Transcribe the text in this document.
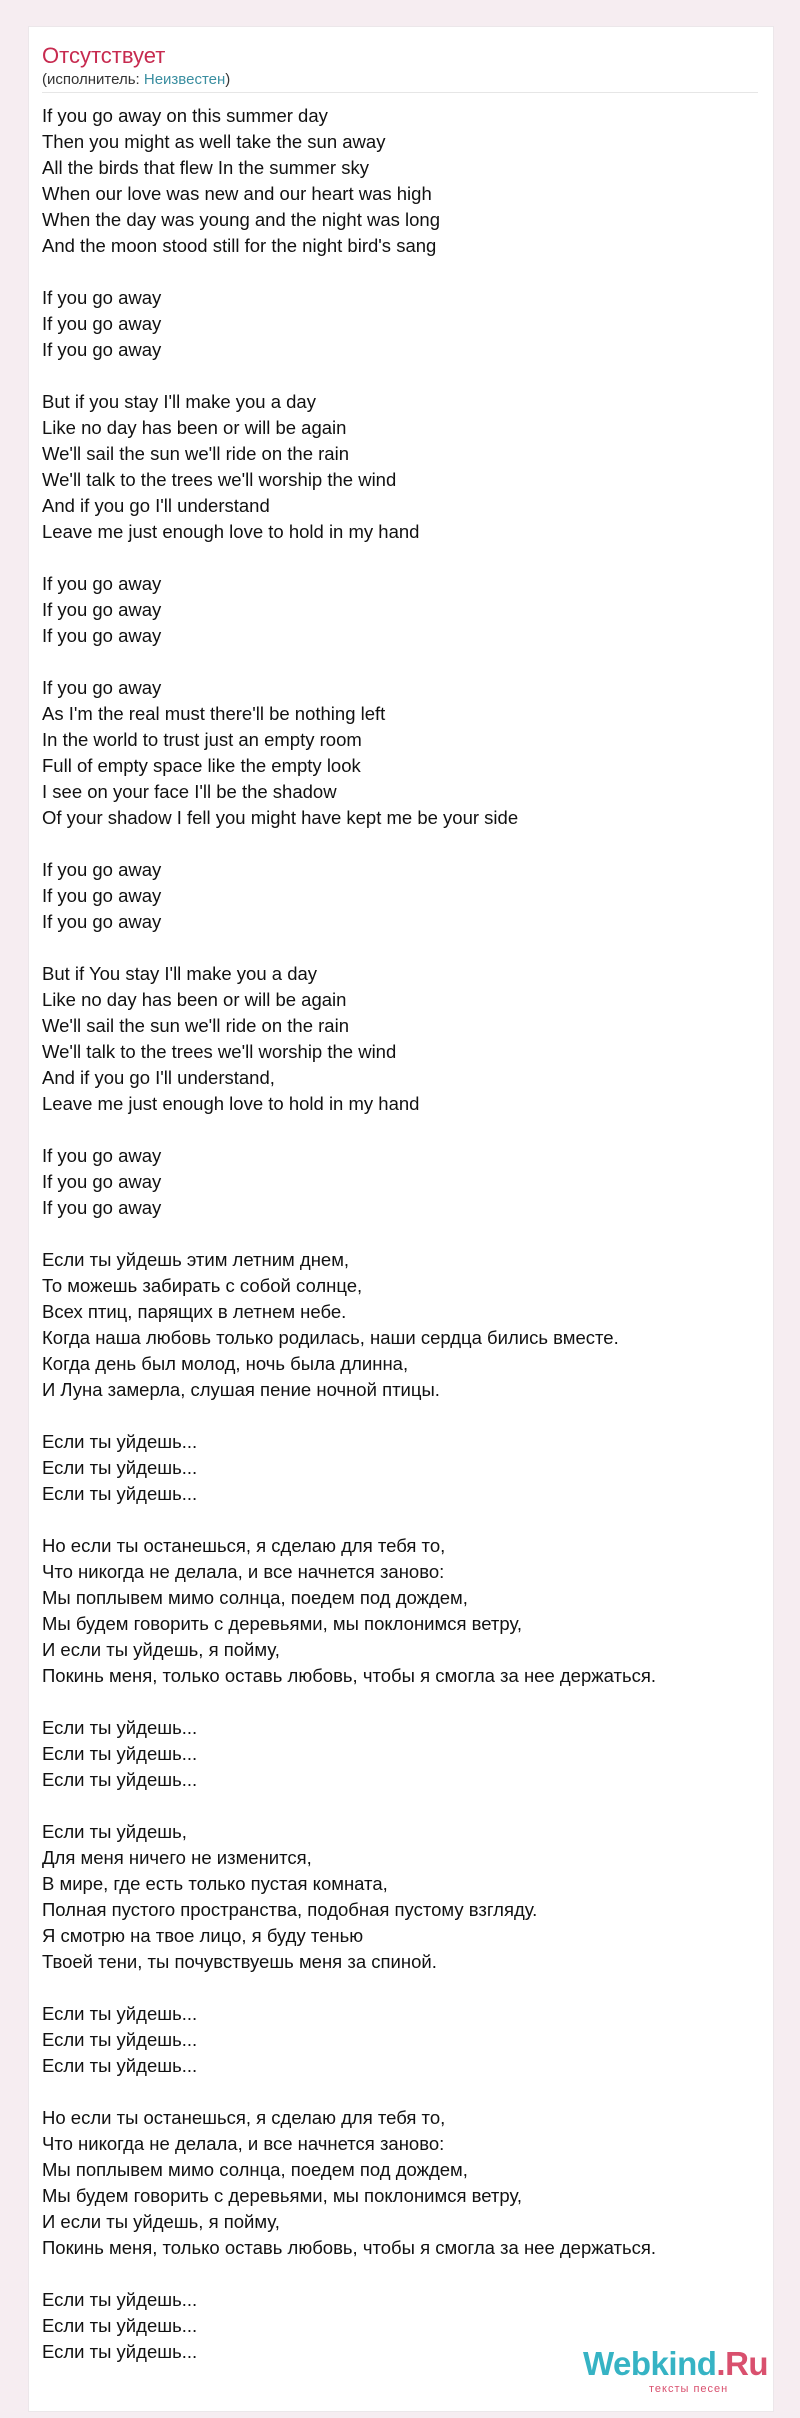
Отсутствует
(исполнитель: Неизвестен)
If you go away on this summer day
Then you might as well take the sun away
All the birds that flew In the summer sky
When our love was new and our heart was high
When the day was young and the night was long
And the moon stood still for the night bird's sang
If you go away
If you go away
If you go away
But if you stay I'll make you a day
Like no day has been or will be again
We'll sail the sun we'll ride on the rain
We'll talk to the trees we'll worship the wind
And if you go I'll understand
Leave me just enough love to hold in my hand
If you go away
If you go away
If you go away
If you go away
As I'm the real must there'll be nothing left
In the world to trust just an empty room
Full of empty space like the empty look
I see on your face I'll be the shadow
Of your shadow I fell you might have kept me be your side
If you go away
If you go away
If you go away
But if You stay I'll make you a day
Like no day has been or will be again
We'll sail the sun we'll ride on the rain
We'll talk to the trees we'll worship the wind
And if you go I'll understand,
Leave me just enough love to hold in my hand
If you go away
If you go away
If you go away
Если ты уйдешь этим летним днем,
То можешь забирать с собой солнце,
Всех птиц, парящих в летнем небе.
Когда наша любовь только родилась, наши сердца бились вместе.
Когда день был молод, ночь была длинна,
И Луна замерла, слушая пение ночной птицы.
Если ты уйдешь...
Если ты уйдешь...
Если ты уйдешь...
Но если ты останешься, я сделаю для тебя то,
Что никогда не делала, и все начнется заново:
Мы поплывем мимо солнца, поедем под дождем,
Мы будем говорить с деревьями, мы поклонимся ветру,
И если ты уйдешь, я пойму,
Покинь меня, только оставь любовь, чтобы я смогла за нее держаться.
Если ты уйдешь...
Если ты уйдешь...
Если ты уйдешь...
Если ты уйдешь,
Для меня ничего не изменится,
В мире, где есть только пустая комната,
Полная пустого пространства, подобная пустому взгляду.
Я смотрю на твое лицо, я буду тенью
Твоей тени, ты почувствуешь меня за спиной.
Если ты уйдешь...
Если ты уйдешь...
Если ты уйдешь...
Но если ты останешься, я сделаю для тебя то,
Что никогда не делала, и все начнется заново:
Мы поплывем мимо солнца, поедем под дождем,
Мы будем говорить с деревьями, мы поклонимся ветру,
И если ты уйдешь, я пойму,
Покинь меня, только оставь любовь, чтобы я смогла за нее держаться.
Если ты уйдешь...
Если ты уйдешь...
Если ты уйдешь...	Webkind.Ru
тексты песен
